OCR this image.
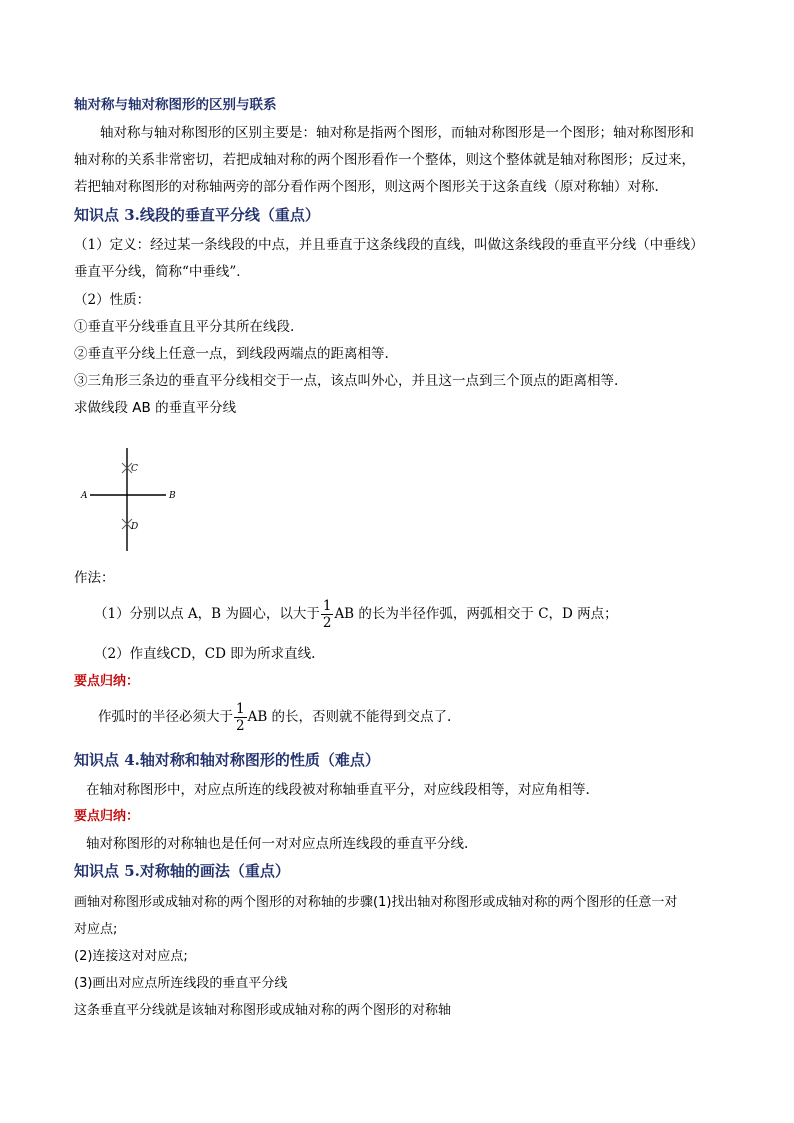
轴对称与轴对称图形的区别与联系
轴对称与轴对称图形的区别主要是：轴对称是指两个图形，而轴对称图形是一个图形；轴对称图形和
轴对称的关系非常密切，若把成轴对称的两个图形看作一个整体，则这个整体就是轴对称图形；反过来，
若把轴对称图形的对称轴两旁的部分看作两个图形，则这两个图形关于这条直线（原对称轴）对称.
知识点 3.线段的垂直平分线（重点）
（1）定义：经过某一条线段的中点，并且垂直于这条线段的直线，叫做这条线段的垂直平分线（中垂线）
垂直平分线，简称“中垂线”．
（2）性质：
①垂直平分线垂直且平分其所在线段.
②垂直平分线上任意一点，到线段两端点的距离相等.
③三角形三条边的垂直平分线相交于一点，该点叫外心，并且这一点到三个顶点的距离相等.
求做线段 AB 的垂直平分线
A	B
C
D
作法：
（1）分别以点 A，B 为圆心，以大于 $\frac{1}{2}$ AB 的长为半径作弧，两弧相交于 C，D 两点；
（2）作直线CD，CD 即为所求直线.
要点归纳：
作弧时的半径必须大于 $\frac{1}{2}$ AB 的长，否则就不能得到交点了.
知识点 4.轴对称和轴对称图形的性质（难点）
在轴对称图形中，对应点所连的线段被对称轴垂直平分，对应线段相等，对应角相等.
要点归纳：
轴对称图形的对称轴也是任何一对对应点所连线段的垂直平分线.
知识点 5.对称轴的画法（重点）
画轴对称图形或成轴对称的两个图形的对称轴的步骤(1)找出轴对称图形或成轴对称的两个图形的任意一对
对应点;
(2)连接这对对应点;
(3)画出对应点所连线段的垂直平分线
这条垂直平分线就是该轴对称图形或成轴对称的两个图形的对称轴
